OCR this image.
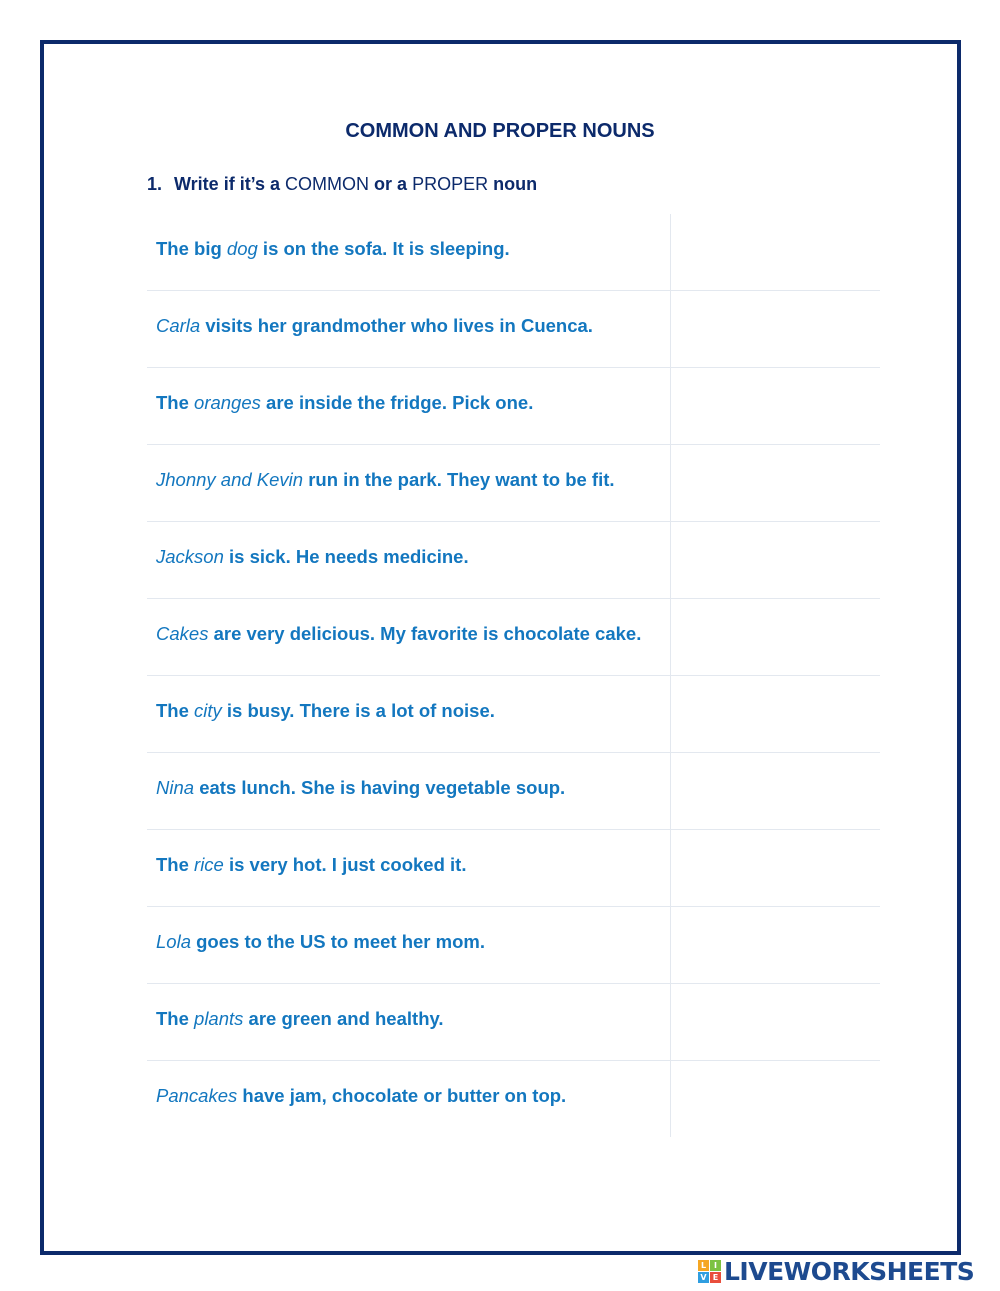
COMMON AND PROPER NOUNS

1. Write if it’s a COMMON or a PROPER noun

The big dog is on the sofa. It is sleeping.
Carla visits her grandmother who lives in Cuenca.
The oranges are inside the fridge. Pick one.
Jhonny and Kevin run in the park. They want to be fit.
Jackson is sick. He needs medicine.
Cakes are very delicious. My favorite is chocolate cake.
The city is busy. There is a lot of noise.
Nina eats lunch. She is having vegetable soup.
The rice is very hot. I just cooked it.
Lola goes to the US to meet her mom.
The plants are green and healthy.
Pancakes have jam, chocolate or butter on top.
L I
V E LIVEWORKSHEETS
